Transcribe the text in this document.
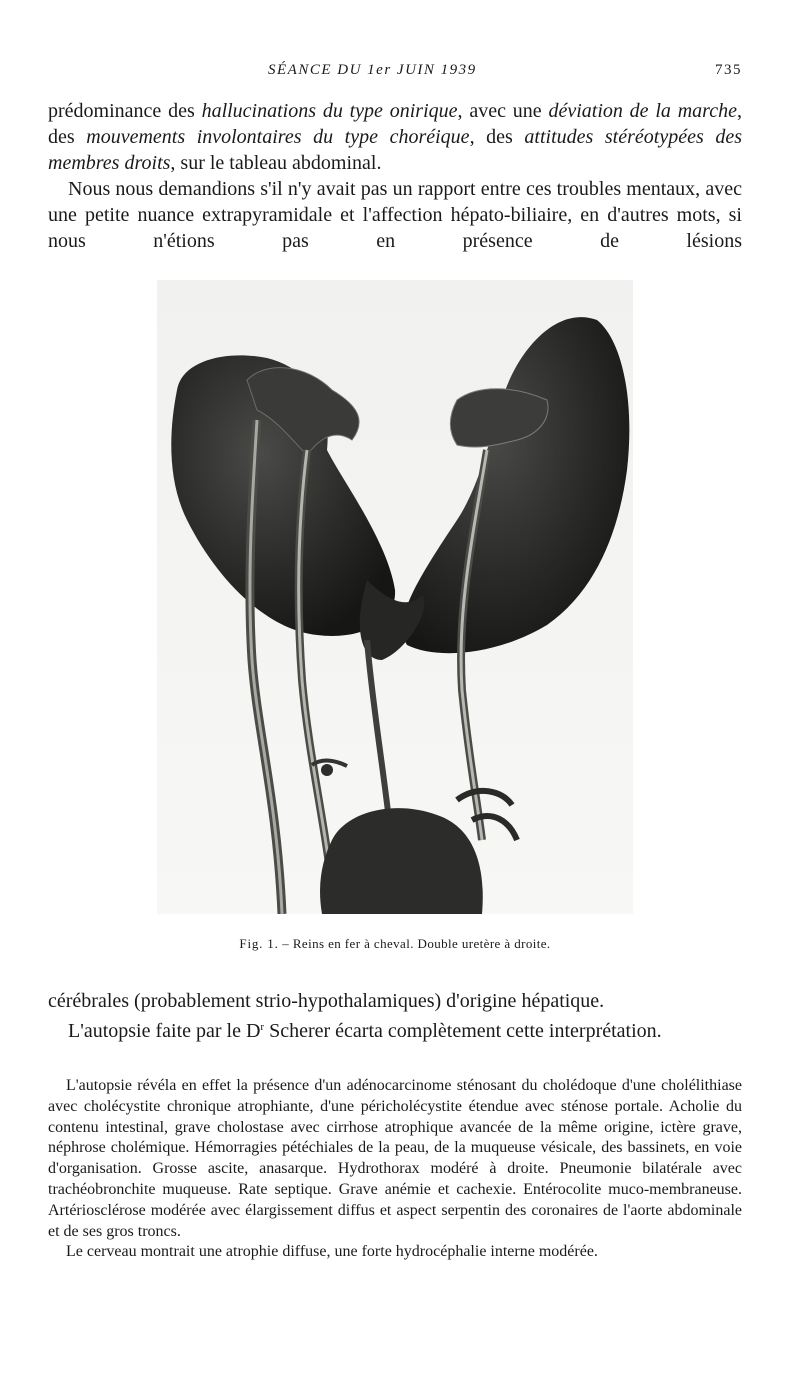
SÉANCE DU 1er JUIN 1939	735

prédominance des hallucinations du type onirique, avec une déviation de la marche, des mouvements involontaires du type choréique, des attitudes stéréotypées des membres droits, sur le tableau abdominal.

Nous nous demandions s'il n'y avait pas un rapport entre ces troubles mentaux, avec une petite nuance extrapyramidale et l'affection hépato-biliaire, en d'autres mots, si nous n'étions pas en présence de lésions

Fig. 1. – Reins en fer à cheval. Double uretère à droite.

cérébrales (probablement strio-hypothalamiques) d'origine hépatique.

L'autopsie faite par le $D^r$ Scherer écarta complètement cette interprétation.

L'autopsie révéla en effet la présence d'un adénocarcinome sténosant du cholédoque d'une cholélithiase avec cholécystite chronique atrophiante, d'une péricholécystite étendue avec sténose portale. Acholie du contenu intestinal, grave cholostase avec cirrhose atrophique avancée de la même origine, ictère grave, néphrose cholémique. Hémorragies pétéchiales de la peau, de la muqueuse vésicale, des bassinets, en voie d'organisation. Grosse ascite, anasarque. Hydrothorax modéré à droite. Pneumonie bilatérale avec trachéobronchite muqueuse. Rate septique. Grave anémie et cachexie. Entérocolite muco-membraneuse. Artériosclérose modérée avec élargissement diffus et aspect serpentin des coronaires de l'aorte abdominale et de ses gros troncs.

Le cerveau montrait une atrophie diffuse, une forte hydrocéphalie interne modérée.
